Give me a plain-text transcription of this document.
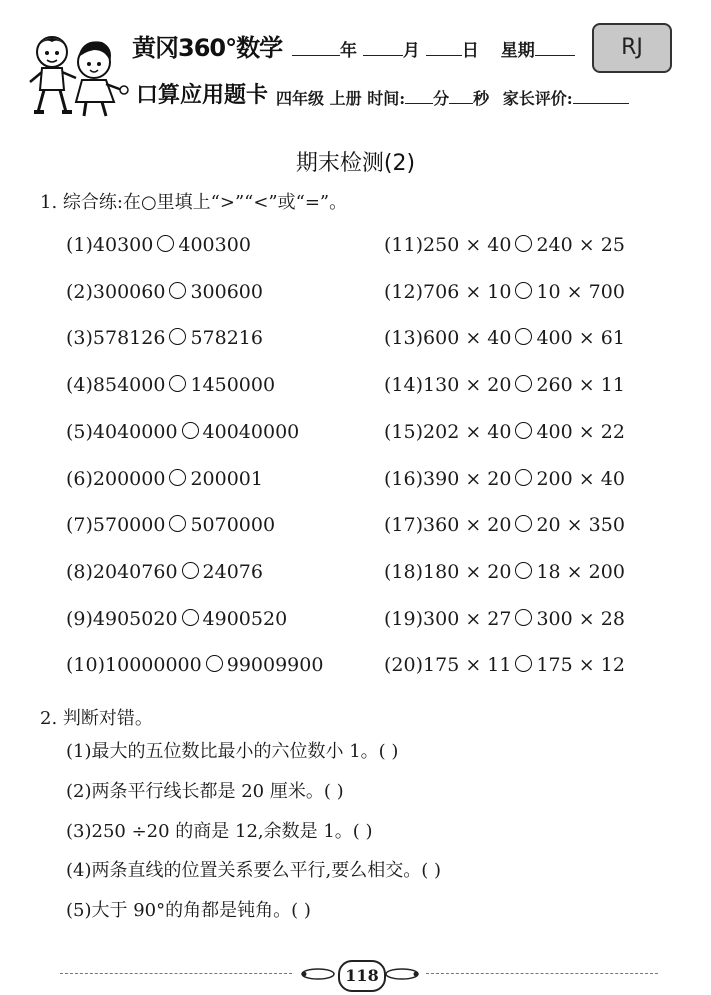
黄冈360°数学
口算应用题卡
年	月 日 星期	RJ
四年级 上册 时间: 分 秒 家长评价:
期末检测(2)
1. 综合练:在○里填上“>”“<”或“=”。
(1)40300 400300
(2)300060 300600
(3)578126 578216
(4)854000 1450000
(5)4040000 40040000
(6)200000 200001
(7)570000 5070000
(8)2040760 24076
(9)4905020 4900520
(10)10000000 99009900
(11)250 × 40 240 × 25
(12)706 × 10 10 × 700
(13)600 × 40 400 × 61
(14)130 × 20 260 × 11
(15)202 × 40 400 × 22
(16)390 × 20 200 × 40
(17)360 × 20 20 × 350
(18)180 × 20 18 × 200
(19)300 × 27 300 × 28
(20)175 × 11 175 × 12
2. 判断对错。
(1)最大的五位数比最小的六位数小 1。( )
(2)两条平行线长都是 20 厘米。( )
(3)250 ÷20 的商是 12,余数是 1。( )
(4)两条直线的位置关系要么平行,要么相交。( )
(5)大于 90°的角都是钝角。( )
118
